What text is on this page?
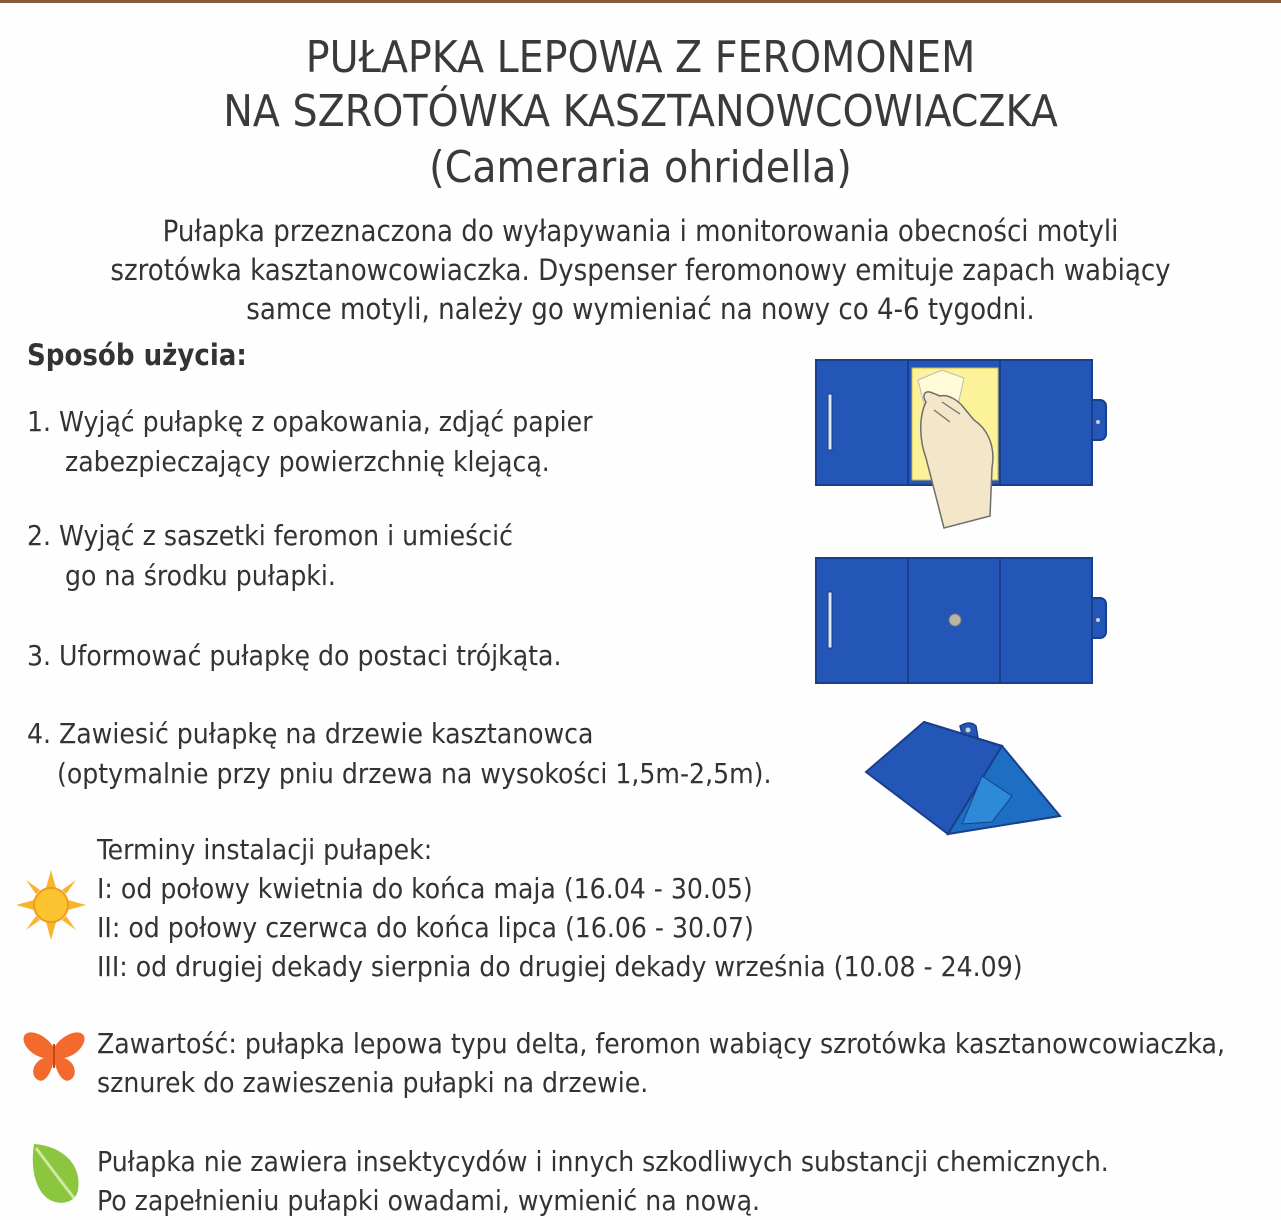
PUŁAPKA LEPOWA Z FEROMONEM
NA SZROTÓWKA KASZTANOWCOWIACZKA
(Cameraria ohridella)
Pułapka przeznaczona do wyłapywania i monitorowania obecności motyli
szrotówka kasztanowcowiaczka. Dyspenser feromonowy emituje zapach wabiący
samce motyli, należy go wymieniać na nowy co 4-6 tygodni.
Sposób użycia:
1. Wyjąć pułapkę z opakowania, zdjąć papier
zabezpieczający powierzchnię klejącą.
2. Wyjąć z saszetki feromon i umieścić
go na środku pułapki.
3. Uformować pułapkę do postaci trójkąta.
4. Zawiesić pułapkę na drzewie kasztanowca
(optymalnie przy pniu drzewa na wysokości 1,5m-2,5m).
Terminy instalacji pułapek:
I: od połowy kwietnia do końca maja (16.04 - 30.05)
II: od połowy czerwca do końca lipca (16.06 - 30.07)
III: od drugiej dekady sierpnia do drugiej dekady września (10.08 - 24.09)
Zawartość: pułapka lepowa typu delta, feromon wabiący szrotówka kasztanowcowiaczka,
sznurek do zawieszenia pułapki na drzewie.
Pułapka nie zawiera insektycydów i innych szkodliwych substancji chemicznych.
Po zapełnieniu pułapki owadami, wymienić na nową.
